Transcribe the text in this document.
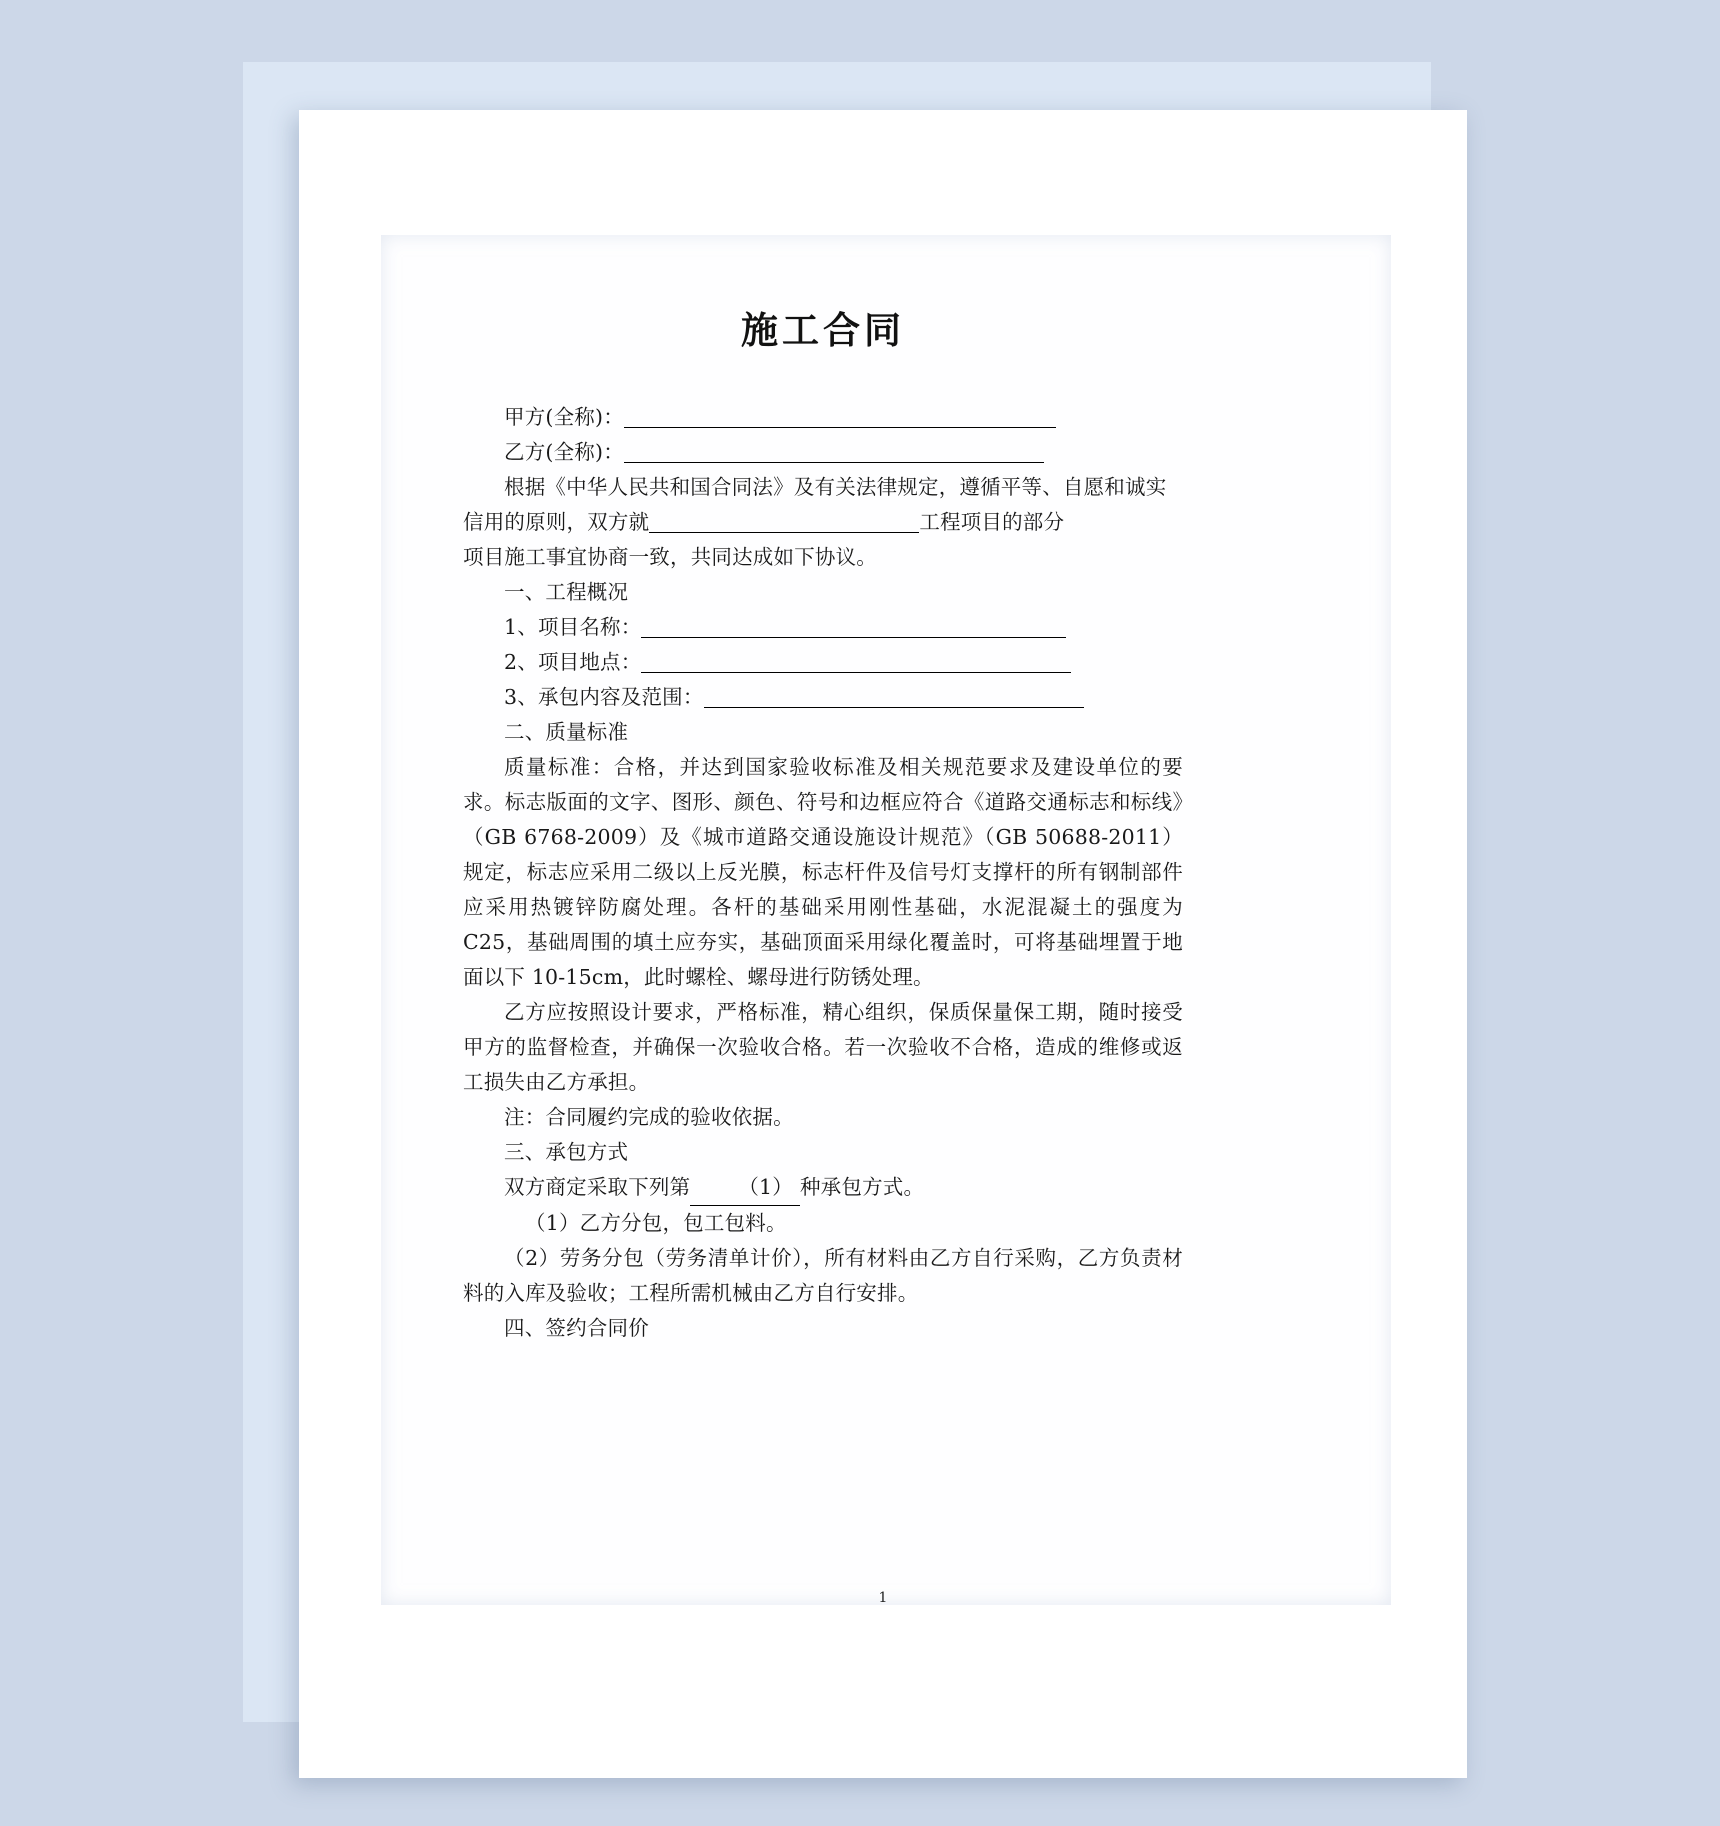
施工合同

甲方(全称)：

乙方(全称)：

根据《中华人民共和国合同法》及有关法律规定，遵循平等、自愿和诚实

信用的原则，双方就	工程项目的部分

项目施工事宜协商一致，共同达成如下协议。

一、工程概况

1、项目名称：

2、项目地点：

3、承包内容及范围：

二、质量标准

质量标准：合格，并达到国家验收标准及相关规范要求及建设单位的要求。标志版面的文字、图形、颜色、符号和边框应符合《道路交通标志和标线》（GB 6768-2009）及《城市道路交通设施设计规范》（GB 50688-2011）规定，标志应采用二级以上反光膜，标志杆件及信号灯支撑杆的所有钢制部件应采用热镀锌防腐处理。各杆的基础采用刚性基础，水泥混凝土的强度为 C25，基础周围的填土应夯实，基础顶面采用绿化覆盖时，可将基础埋置于地面以下 10-15cm，此时螺栓、螺母进行防锈处理。

乙方应按照设计要求，严格标准，精心组织，保质保量保工期，随时接受甲方的监督检查，并确保一次验收合格。若一次验收不合格，造成的维修或返工损失由乙方承担。

注：合同履约完成的验收依据。

三、承包方式

双方商定采取下列第 （1） 种承包方式。

（1）乙方分包，包工包料。

（2）劳务分包（劳务清单计价），所有材料由乙方自行采购，乙方负责材料的入库及验收；工程所需机械由乙方自行安排。

四、签约合同价

1
